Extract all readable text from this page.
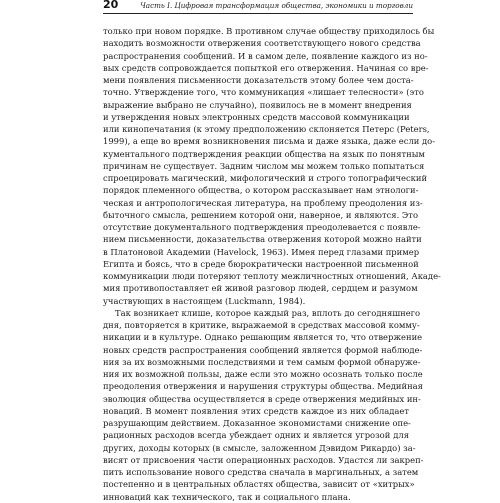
20	Часть I. Цифровая трансформация общества, экономики и торговли
только при новом порядке. В противном случае обществу приходилось бы
находить возможности отвержения соответствующего нового средства
распространения сообщений. И в самом деле, появление каждого из но-
вых средств сопровождается попыткой его отвержения. Начиная со вре-
мени появления письменности доказательств этому более чем доста-
точно. Утверждение того, что коммуникация «лишает телесности» (это
выражение выбрано не случайно), появилось не в момент внедрения
и утверждения новых электронных средств массовой коммуникации
или кинопечатания (к этому предположению склоняется Петерс (Peters,
1999), а еще во время возникновения письма и даже языка, даже если до-
кументального подтверждения реакции общества на язык по понятным
причинам не существует. Задним числом мы можем только попытаться
спроецировать магический, мифологический и строго топографический
порядок племенного общества, о котором рассказывает нам этнологи-
ческая и антропологическая литература, на проблему преодоления из-
быточного смысла, решением которой они, наверное, и являются. Это
отсутствие документального подтверждения преодолевается с появле-
нием письменности, доказательства отвержения которой можно найти
в Платоновой Академии (Havelock, 1963). Имея перед глазами пример
Египта и боясь, что в среде бюрократически настроенной письменной
коммуникации люди потеряют теплоту межличностных отношений, Акаде-
мия противопоставляет ей живой разговор людей, сердцем и разумом
участвующих в настоящем (Luckmann, 1984).
Так возникает клише, которое каждый раз, вплоть до сегодняшнего
дня, повторяется в критике, выражаемой в средствах массовой комму-
никации и в культуре. Однако решающим является то, что отвержение
новых средств распространения сообщений является формой наблюде-
ния за их возможными последствиями и тем самым формой обнаруже-
ния их возможной пользы, даже если это можно осознать только после
преодоления отвержения и нарушения структуры общества. Медийная
эволюция общества осуществляется в среде отвержения медийных ин-
новаций. В момент появления этих средств каждое из них обладает
разрушающим действием. Доказанное экономистами снижение опе-
рационных расходов всегда убеждает одних и является угрозой для
других, доходы которых (в смысле, заложенном Дэвидом Рикардо) за-
висят от присвоения части операционных расходов. Удастся ли закреп-
пить использование нового средства сначала в маргинальных, а затем
постепенно и в центральных областях общества, зависит от «хитрых»
инноваций как технического, так и социального плана.
